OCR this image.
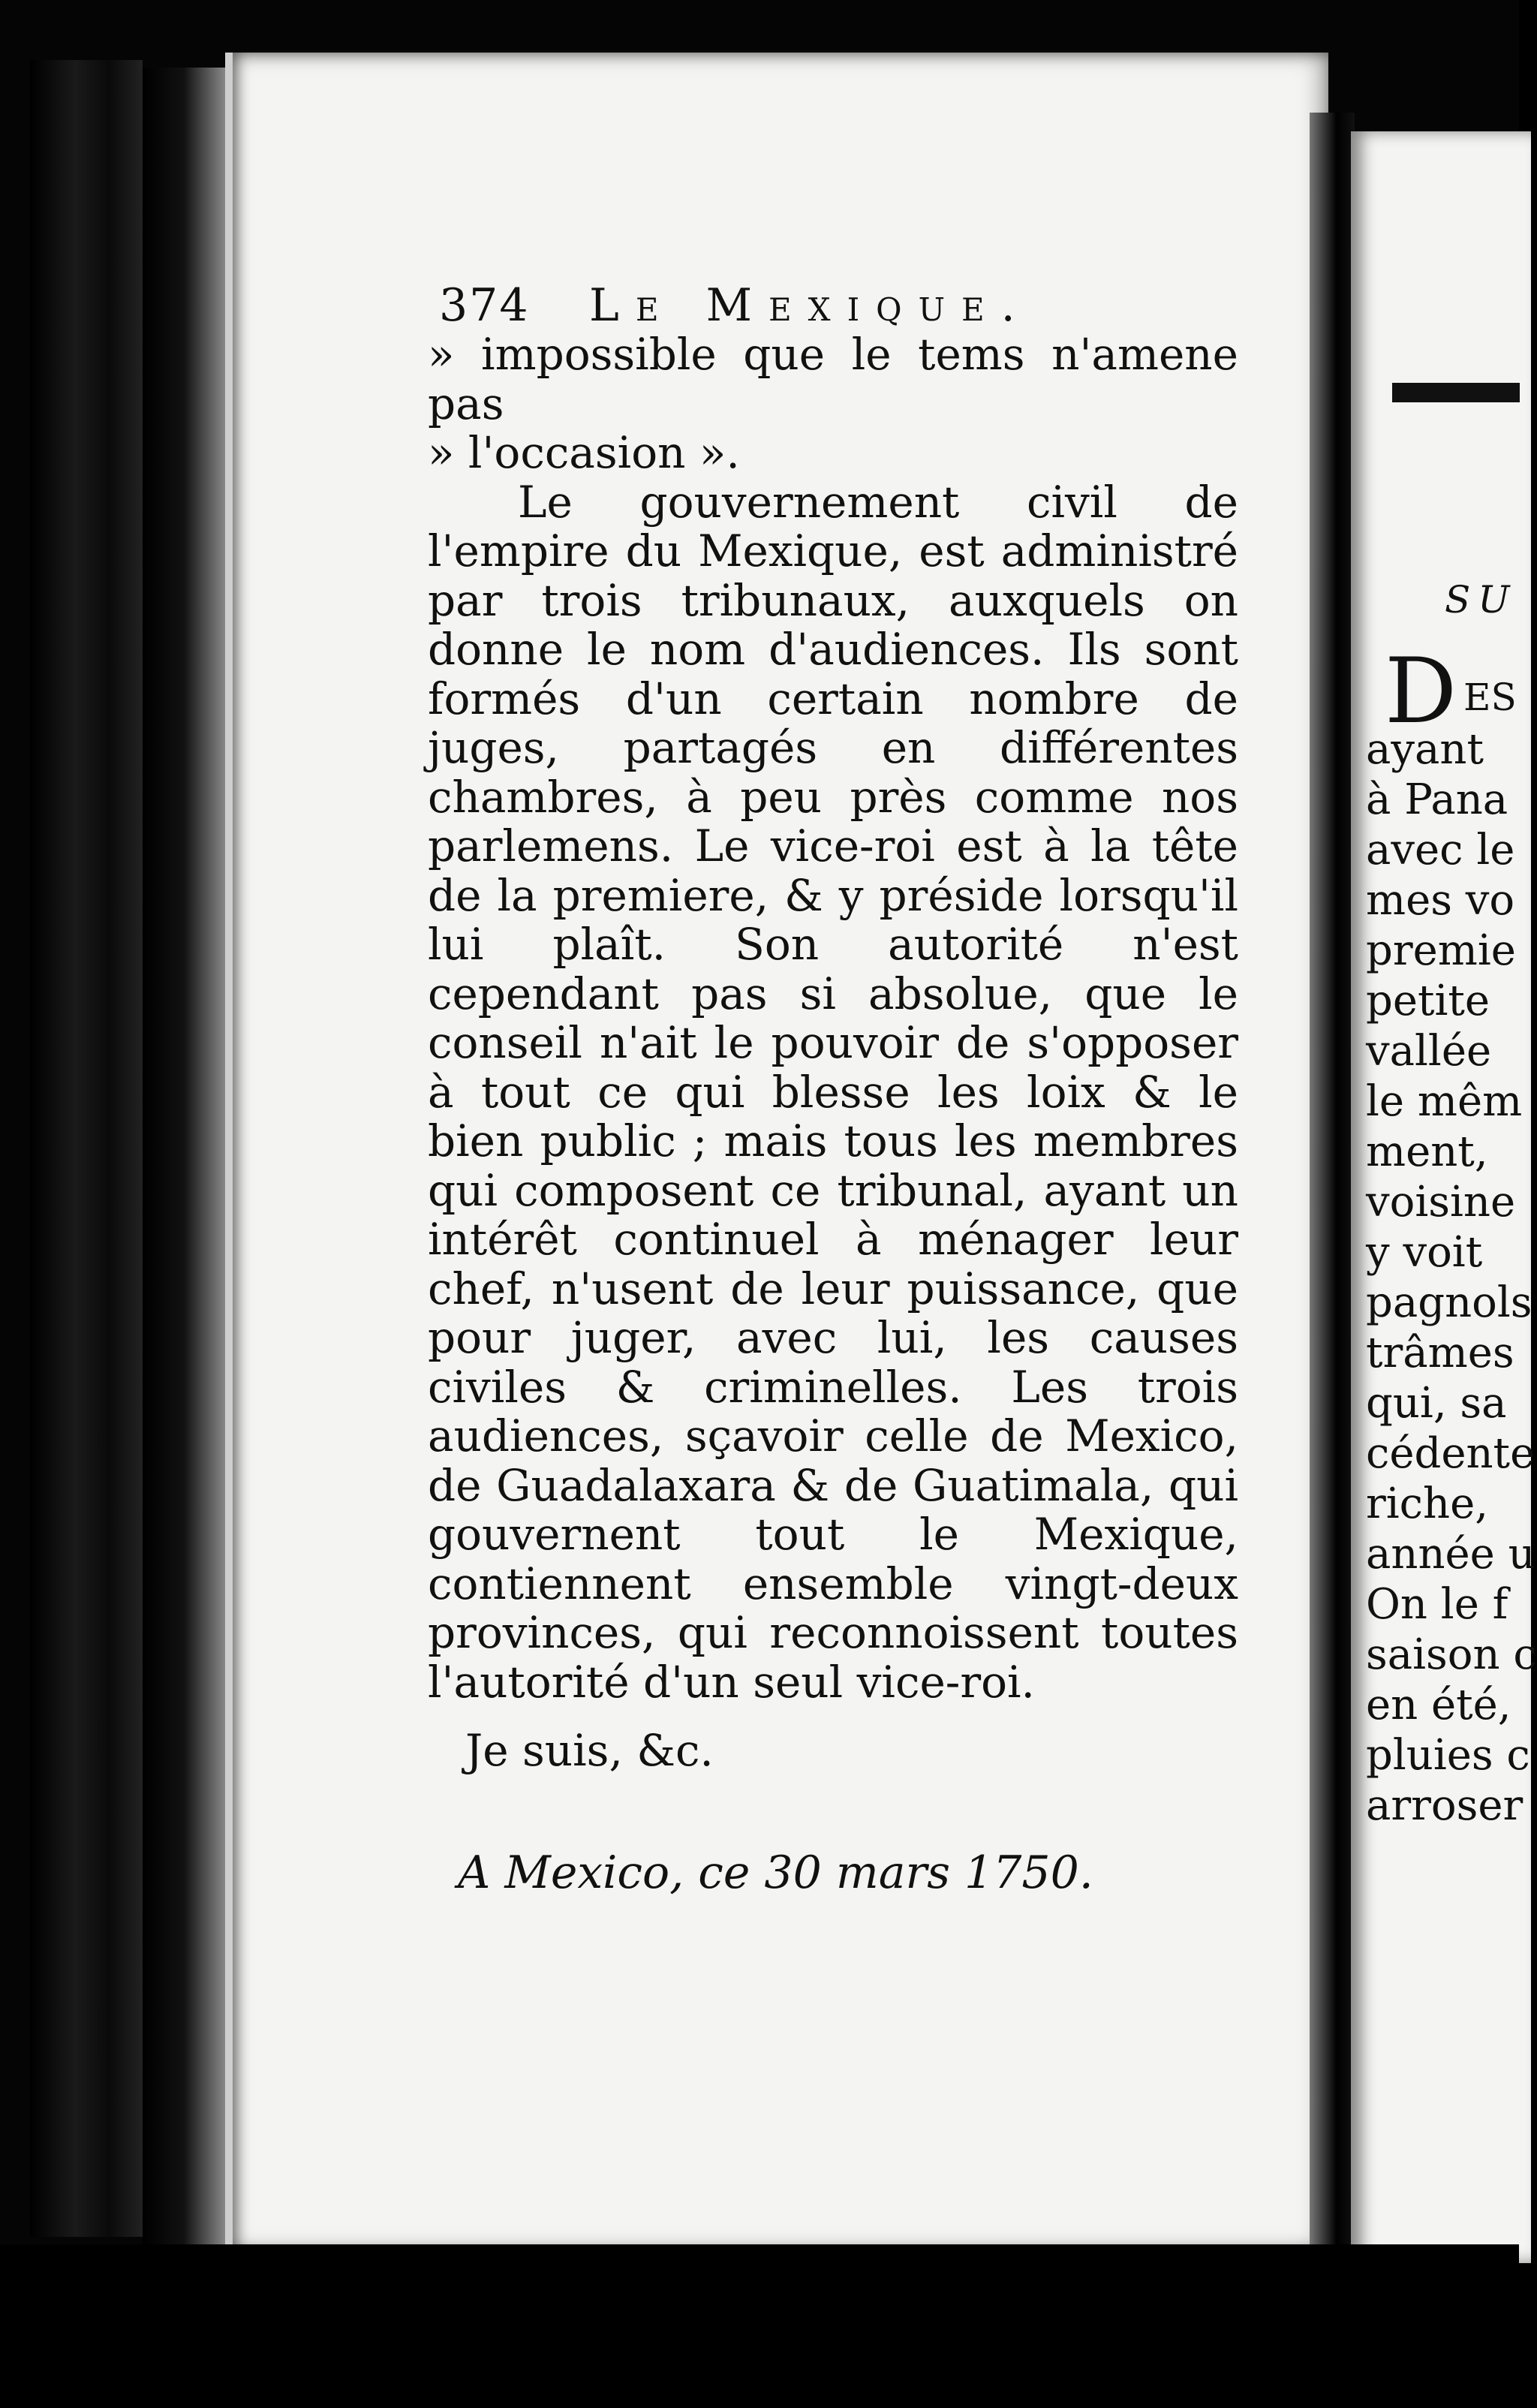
374 Le Mexique.

» impossible que le tems n'amene pas

» l'occasion ».

Le gouvernement civil de l'empire du Mexique, est administré par trois tribunaux, auxquels on donne le nom d'audiences. Ils sont formés d'un certain nombre de juges, partagés en différentes chambres, à peu près comme nos parlemens. Le vice-roi est à la tête de la premiere, & y préside lorsqu'il lui plaît. Son autorité n'est cependant pas si absolue, que le conseil n'ait le pouvoir de s'opposer à tout ce qui blesse les loix & le bien public ; mais tous les membres qui composent ce tribunal, ayant un intérêt continuel à ménager leur chef, n'usent de leur puissance, que pour juger, avec lui, les causes civiles & criminelles. Les trois audiences, sçavoir celle de Mexico, de Guadalaxara & de Guatimala, qui gouvernent tout le Mexique, contiennent ensemble vingt-deux provinces, qui reconnoissent toutes l'autorité d'un seul vice-roi.

Je suis, &c.
A Mexico, ce 30 mars 1750.
SU
D ES
ayant
à Pana
avec le
mes vo
premie
petite
vallée
le mêm
ment,
voisine
y voit
pagnols
trâmes
qui, sa
cédente
riche,
année u
On le f
saison c
en été,
pluies c
arroser
